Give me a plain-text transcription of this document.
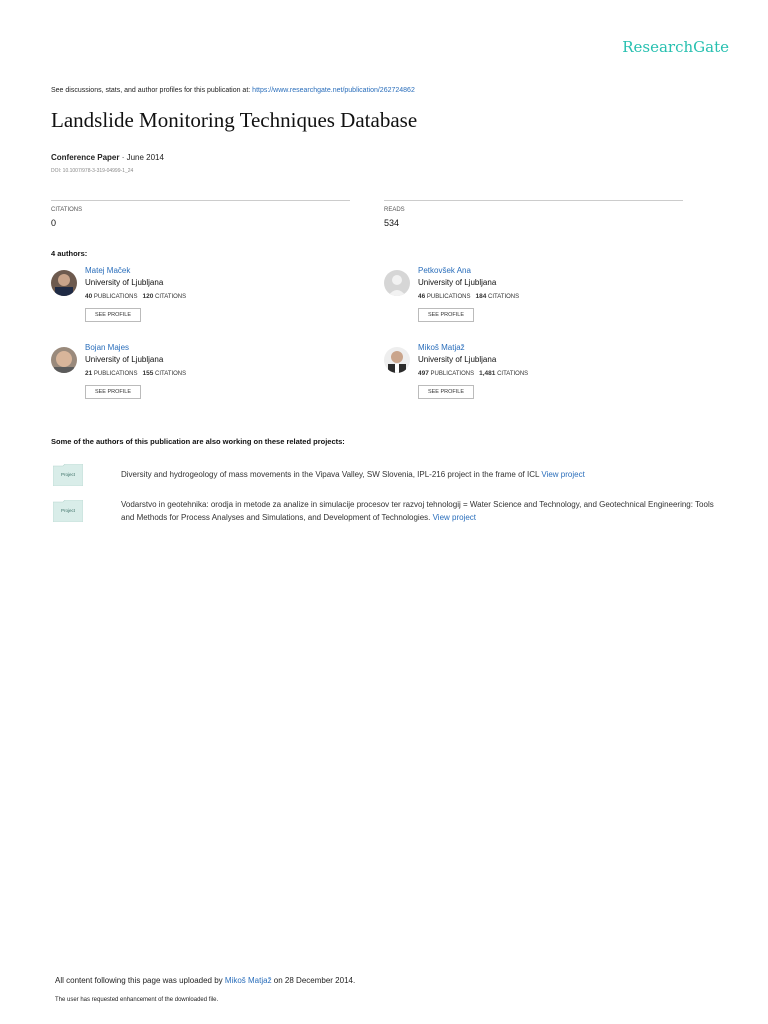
ResearchGate
See discussions, stats, and author profiles for this publication at: https://www.researchgate.net/publication/262724862
Landslide Monitoring Techniques Database
Conference Paper · June 2014
DOI: 10.1007/978-3-319-04999-1_24
CITATIONS
0
READS
534
4 authors:
Matej Maček
University of Ljubljana
40 PUBLICATIONS 120 CITATIONS
SEE PROFILE
Petkovšek Ana
University of Ljubljana
46 PUBLICATIONS 184 CITATIONS
SEE PROFILE
Bojan Majes
University of Ljubljana
21 PUBLICATIONS 155 CITATIONS
SEE PROFILE
Mikoš Matjaž
University of Ljubljana
497 PUBLICATIONS 1,481 CITATIONS
SEE PROFILE
Some of the authors of this publication are also working on these related projects:
Project	Diversity and hydrogeology of mass movements in the Vipava Valley, SW Slovenia, IPL-216 project in the frame of ICL View project
Project
Vodarstvo in geotehnika: orodja in metode za analize in simulacije procesov ter razvoj tehnologij = Water Science and Technology, and Geotechnical Engineering: Tools and Methods for Process Analyses and Simulations, and Development of Technologies. View project
All content following this page was uploaded by Mikoš Matjaž on 28 December 2014.
The user has requested enhancement of the downloaded file.
